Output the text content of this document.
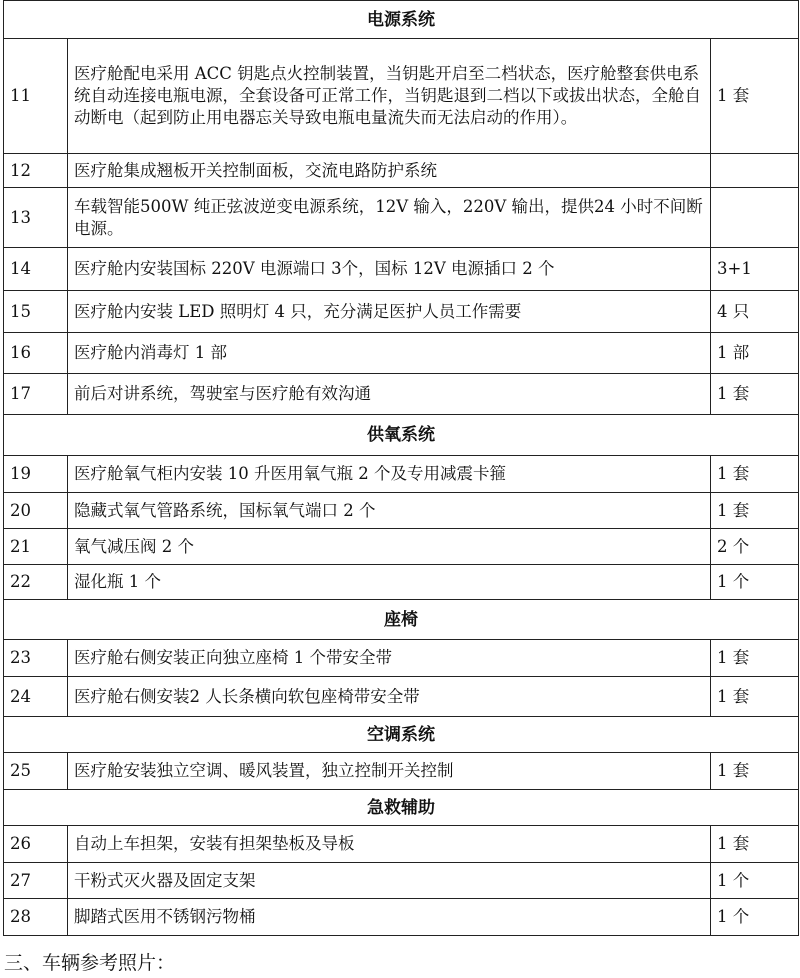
电源系统		
11	医疗舱配电采用 ACC 钥匙点火控制装置，当钥匙开启至二档状态，医疗舱整套供电系统自动连接电瓶电源，全套设备可正常工作，当钥匙退到二档以下或拔出状态，全舱自动断电（起到防止用电器忘关导致电瓶电量流失而无法启动的作用）。	1 套
12	医疗舱集成翘板开关控制面板，交流电路防护系统	
13	车载智能500W 纯正弦波逆变电源系统，12V 输入，220V 输出，提供24 小时不间断电源。	
14	医疗舱内安装国标 220V 电源端口 3个，国标 12V 电源插口 2 个	3+1
15	医疗舱内安装 LED 照明灯 4 只，充分满足医护人员工作需要	4 只
16	医疗舱内消毒灯 1 部	1 部
17	前后对讲系统，驾驶室与医疗舱有效沟通	1 套
供氧系统		
19	医疗舱氧气柜内安装 10 升医用氧气瓶 2 个及专用减震卡箍	1 套
20	隐藏式氧气管路系统，国标氧气端口 2 个	1 套
21	氧气减压阀 2 个	2 个
22	湿化瓶 1 个	1 个
座椅		
23	医疗舱右侧安装正向独立座椅 1 个带安全带	1 套
24	医疗舱右侧安装2 人长条横向软包座椅带安全带	1 套
空调系统		
25	医疗舱安装独立空调、暖风装置，独立控制开关控制	1 套
急救辅助		
26	自动上车担架，安装有担架垫板及导板	1 套
27	干粉式灭火器及固定支架	1 个
28	脚踏式医用不锈钢污物桶	1 个
三、车辆参考照片：
